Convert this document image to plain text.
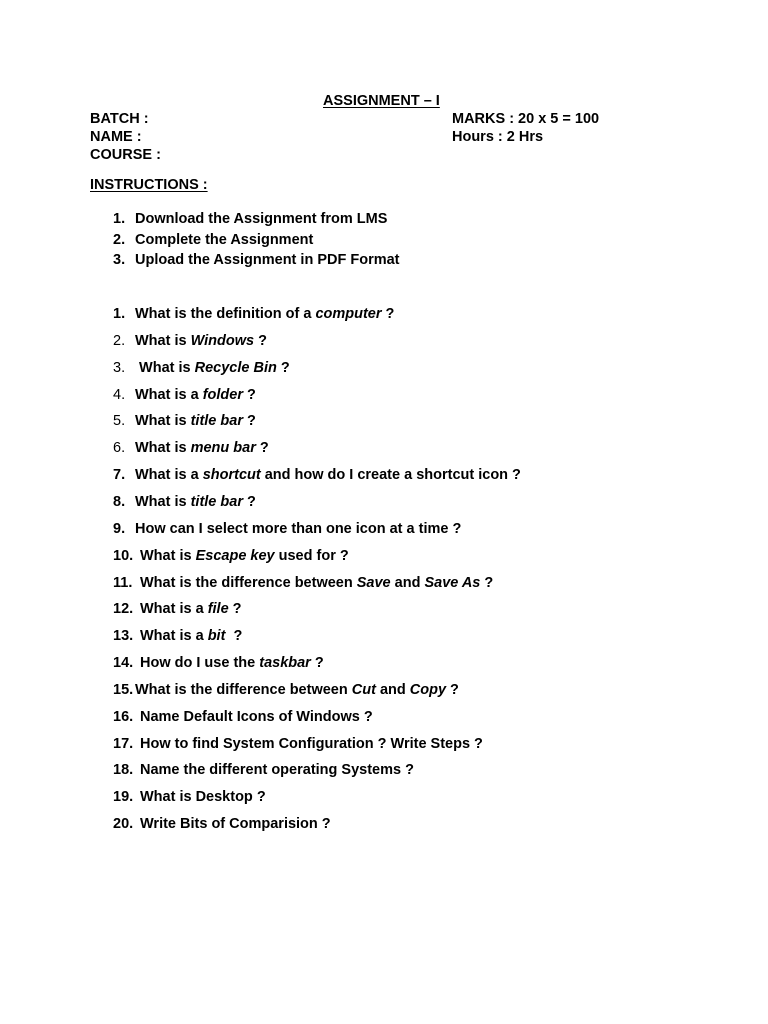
ASSIGNMENT – I
BATCH :
NAME :
COURSE :
MARKS : 20 x 5 = 100
Hours : 2 Hrs
INSTRUCTIONS :
1. Download the Assignment from LMS
2. Complete the Assignment
3. Upload the Assignment in PDF Format
1. What is the definition of a computer ?
2. What is Windows ?
3. What is Recycle Bin ?
4. What is a folder ?
5. What is title bar ?
6. What is menu bar ?
7. What is a shortcut and how do I create a shortcut icon ?
8. What is title bar ?
9. How can I select more than one icon at a time ?
10. What is Escape key used for ?
11. What is the difference between Save and Save As ?
12. What is a file ?
13. What is a bit  ?
14. How do I use the taskbar ?
15. What is the difference between Cut and Copy ?
16. Name Default Icons of Windows ?
17. How to find System Configuration ? Write Steps ?
18. Name the different operating Systems ?
19. What is Desktop ?
20. Write Bits of Comparision ?
